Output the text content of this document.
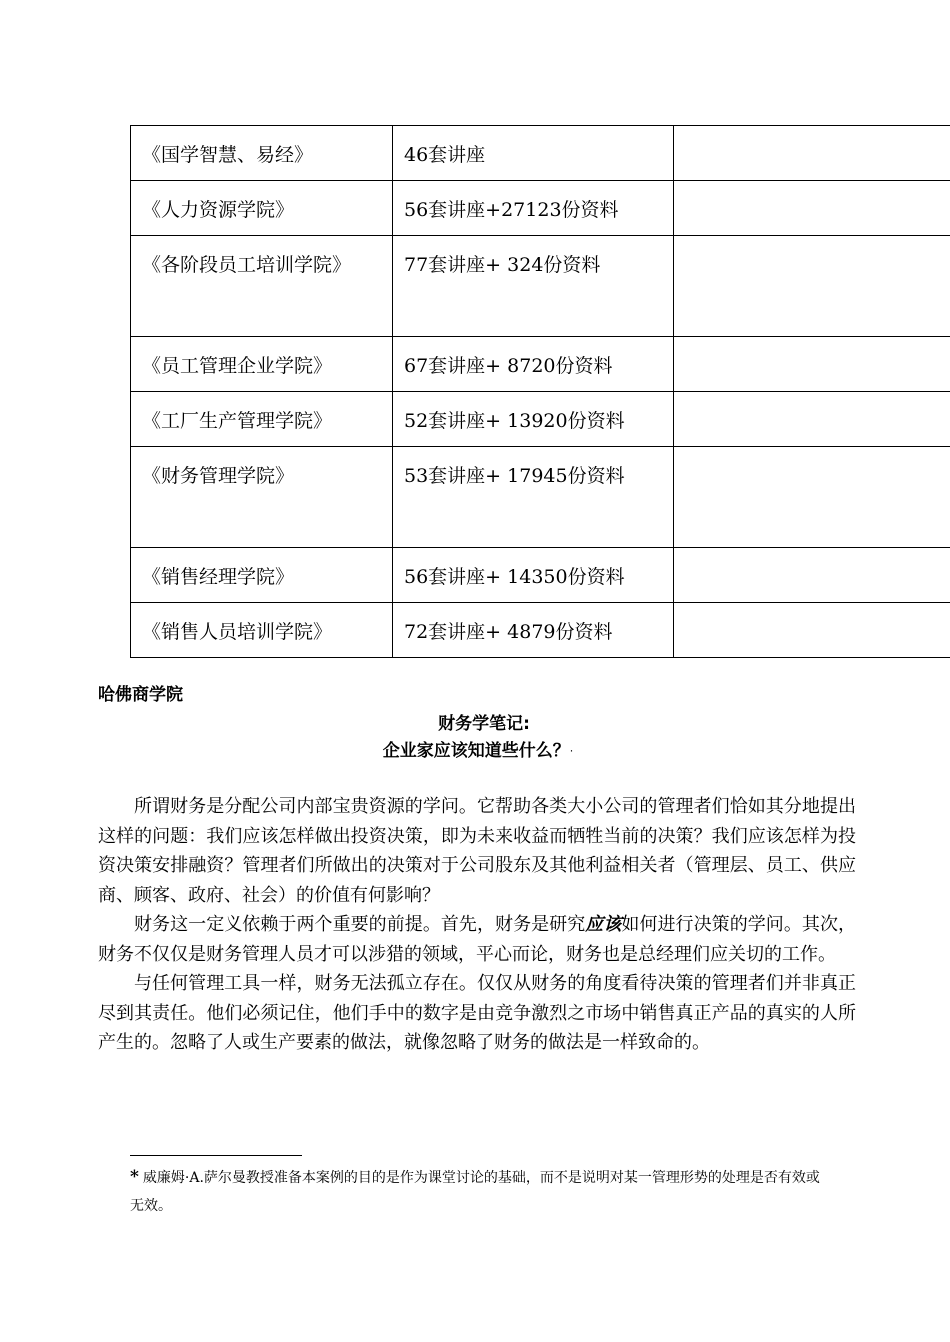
《国学智慧、易经》	46套讲座	
《人力资源学院》	56套讲座+27123份资料	
《各阶段员工培训学院》	77套讲座+ 324份资料	
《员工管理企业学院》	67套讲座+ 8720份资料	
《工厂生产管理学院》	52套讲座+ 13920份资料	
《财务管理学院》	53套讲座+ 17945份资料	
《销售经理学院》	56套讲座+ 14350份资料	
《销售人员培训学院》	72套讲座+ 4879份资料	
哈佛商学院
财务学笔记:
企业家应该知道些什么？·

所谓财务是分配公司内部宝贵资源的学问。它帮助各类大小公司的管理者们恰如其分地提出这样的问题：我们应该怎样做出投资决策，即为未来收益而牺牲当前的决策？我们应该怎样为投资决策安排融资？管理者们所做出的决策对于公司股东及其他利益相关者（管理层、员工、供应商、顾客、政府、社会）的价值有何影响？

财务这一定义依赖于两个重要的前提。首先，财务是研究应该如何进行决策的学问。其次，财务不仅仅是财务管理人员才可以涉猎的领域，平心而论，财务也是总经理们应关切的工作。

与任何管理工具一样，财务无法孤立存在。仅仅从财务的角度看待决策的管理者们并非真正尽到其责任。他们必须记住，他们手中的数字是由竞争激烈之市场中销售真正产品的真实的人所产生的。忽略了人或生产要素的做法，就像忽略了财务的做法是一样致命的。

* 威廉姆·A.萨尔曼教授准备本案例的目的是作为课堂讨论的基础，而不是说明对某一管理形势的处理是否有效或无效。
